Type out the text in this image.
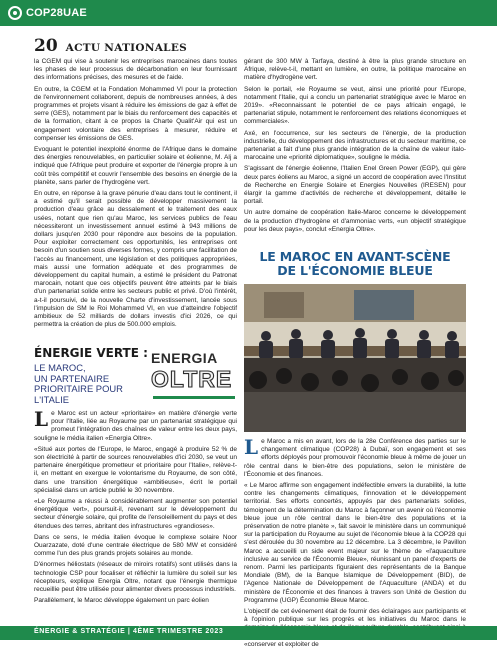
COP28UAE
20 ACTU NATIONALES

la CGEM qui vise à soutenir les entreprises marocaines dans toutes les phases de leur processus de décarbonation en leur fournissant des informations précises, des mesures et de l'aide.

En outre, la CGEM et la Fondation Mohammed VI pour la protection de l'environnement collaborent, depuis de nombreuses années, à des programmes et projets visant à réduire les émissions de gaz à effet de serre (GES), notamment par le biais du renforcement des capacités et de la formation, citant à ce propos la Charte Qualit'Air qui est un engagement volontaire des entreprises à mesurer, réduire et compenser les émissions de GES.

Evoquant le potentiel inexploité énorme de l'Afrique dans le domaine des énergies renouvelables, en particulier solaire et éolienne, M. Alj a indiqué que l'Afrique peut produire et exporter de l'énergie propre à un coût très compétitif et couvrir l'ensemble des besoins en énergie de la planète, sans parler de l'hydrogène vert.

En outre, en réponse à la grave pénurie d'eau dans tout le continent, il a estimé qu'il serait possible de développer massivement la production d'eau grâce au dessalement et le traitement des eaux usées, notant que rien qu'au Maroc, les services publics de l'eau nécessiteront un investissement annuel estimé à 943 millions de dollars jusqu'en 2030 pour répondre aux besoins de la population. Pour exploiter correctement ces opportunités, les entreprises ont besoin d'un soutien sous diverses formes, y compris une facilitation de l'accès au financement, une législation et des politiques appropriées, mais aussi une formation adéquate et des programmes de développement du capital humain, a estimé le président du Patronat marocain, notant que ces objectifs peuvent être atteints par le biais d'un partenariat solide entre les secteurs public et privé. D'où l'intérêt, a-t-il poursuivi, de la nouvelle Charte d'investissement, lancée sous l'impulsion de SM le Roi Mohammed VI, en vue d'atteindre l'objectif ambitieux de 52 milliards de dollars investis d'ici 2026, ce qui permettra la création de plus de 500.000 emplois.

gérant de 300 MW à Tarfaya, destiné à être la plus grande structure en Afrique, relève-t-il, mettant en lumière, en outre, la politique marocaine en matière d'hydrogène vert.

Selon le portail, «le Royaume se veut, ainsi une priorité pour l'Europe, notamment l'Italie, qui a conclu un partenariat stratégique avec le Maroc en 2019». «Reconnaissant le potentiel de ce pays africain engagé, le partenariat stipule, notamment le renforcement des relations économiques et commerciales».

Axé, en l'occurrence, sur les secteurs de l'énergie, de la production industrielle, du développement des infrastructures et du secteur maritime, ce partenariat a fait d'une plus grande intégration de la chaîne de valeur italo-marocaine une «priorité diplomatique», souligne le média.

S'agissant de l'énergie éolienne, l'Italien Enel Green Power (EGP), qui gère deux parcs éoliens au Maroc, a signé un accord de coopération avec l'Institut de Recherche en Energie Solaire et Energies Nouvelles (IRESEN) pour élargir la gamme d'activités de recherche et développement, détaille le portail.

Un autre domaine de coopération Italie-Maroc concerne le développement de la production d'hydrogène et d'ammoniac verts, «un objectif stratégique pour les deux pays», conclut «Energia Oltre».

LE MAROC EN AVANT-SCÈNE
DE L'ÉCONOMIE BLEUE
ÉNERGIE VERTE :
LE MAROC,
UN PARTENAIRE
PRIORITAIRE POUR L'ITALIE
ENERGIA
OLTRE

Le Maroc est un acteur «prioritaire» en matière d'énergie verte pour l'Italie, liée au Royaume par un partenariat stratégique qui promeut l'intégration des chaînes de valeur entre les deux pays, souligne le média italien «Energia Oltre».

«Situé aux portes de l'Europe, le Maroc, engagé à produire 52 % de son électricité à partir de sources renouvelables d'ici 2030, se veut un partenaire énergétique prometteur et prioritaire pour l'Italie», relève-t-il, en mettant en exergue le volontarisme du Royaume, de son côté, dans une transition énergétique «ambitieuse», écrit le portail spécialisé dans un article publié le 30 novembre.

«Le Royaume a réussi à considérablement augmenter son potentiel énergétique vert», poursuit-il, revenant sur le développement du secteur d'énergie solaire, qui profite de l'ensoleillement du pays et des étendues des terres, abritant des infrastructures «grandioses».

Dans ce sens, le média italien évoque le complexe solaire Noor Ouarzazate, doté d'une centrale électrique de 580 MW et considéré comme l'un des plus grands projets solaires au monde.

D'énormes héliostats (réseaux de miroirs rotatifs) sont utilisés dans la technologie CSP pour focaliser et réfléchir la lumière du soleil sur les récepteurs, explique Energia Oltre, notant que l'énergie thermique recueillie peut être utilisée pour alimenter divers processus industriels.

Parallèlement, le Maroc développe également un parc éolien

Le Maroc a mis en avant, lors de la 28e Conférence des parties sur le changement climatique (COP28) à Dubaï, son engagement et ses efforts déployés pour promouvoir l'économie bleue à même de jouer un rôle central dans le bien-être des populations, selon le ministère de l'Économie et des finances.

« Le Maroc affirme son engagement indéfectible envers la durabilité, la lutte contre les changements climatiques, l'innovation et le développement territorial. Ses efforts concertés, appuyés par des partenariats solides, témoignent de la détermination du Maroc à façonner un avenir où l'économie bleue joue un rôle central dans le bien-être des populations et la préservation de notre planète », fait savoir le ministère dans un communiqué sur la participation du Royaume au sujet de l'économie bleue à la COP28 qui s'est déroulée du 30 novembre au 12 décembre. La 3 décembre, le Pavillon Maroc a accueilli un side event majeur sur le thème de «l'aquaculture inclusive au service de l'Économie Bleue», réunissant un panel d'experts de renom. Parmi les participants figuraient des représentants de la Banque Mondiale (BM), de la Banque Islamique de Développement (BID), de l'Agence Nationale de Développement de l'Aquaculture (ANDA) et du ministère de l'Économie et des finances à travers son Unité de Gestion du Programme (UGP) Économie Bleue Maroc.

L'objectif de cet événement était de fournir des éclairages aux participants et à l'opinion publique sur les progrès et les initiatives du Maroc dans le «conserver et exploiter de

ÉNERGIE & STRATÉGIE | 4ÈME TRIMESTRE 2023
